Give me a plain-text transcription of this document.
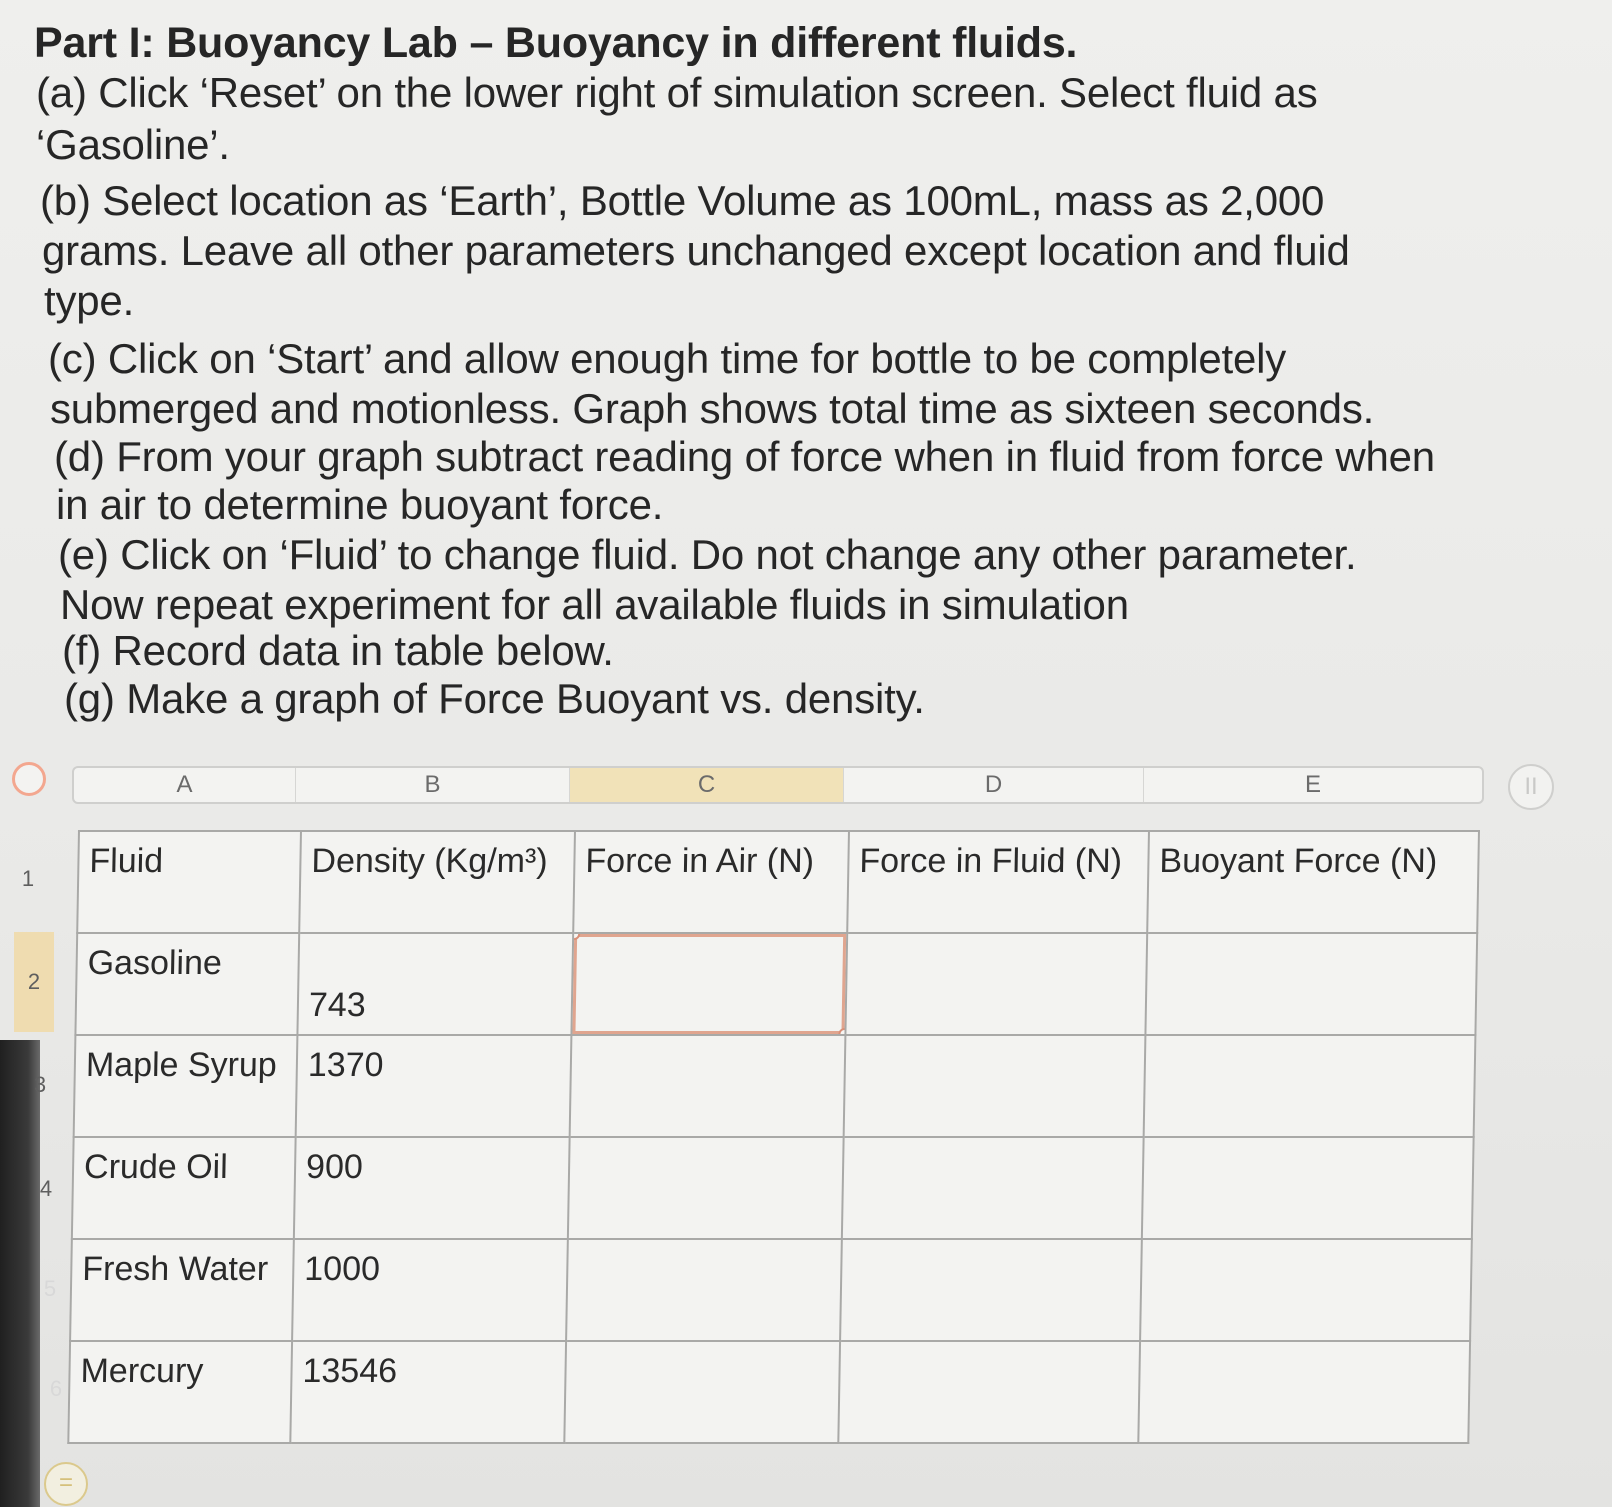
Part I: Buoyancy Lab – Buoyancy in different fluids.
(a) Click ‘Reset’ on the lower right of simulation screen. Select fluid as
‘Gasoline’.
(b) Select location as ‘Earth’, Bottle Volume as 100mL, mass as 2,000
grams. Leave all other parameters unchanged except location and fluid
type.
(c) Click on ‘Start’ and allow enough time for bottle to be completely
submerged and motionless. Graph shows total time as sixteen seconds.
(d) From your graph subtract reading of force when in fluid from force when
in air to determine buoyant force.
(e) Click on ‘Fluid’ to change fluid. Do not change any other parameter.
Now repeat experiment for all available fluids in simulation
(f) Record data in table below.
(g) Make a graph of Force Buoyant vs. density.
A	B	C	D	E	II
1
2
3
4
5
6
Fluid	Density (Kg/m³)	Force in Air (N)	Force in Fluid (N)	Buoyant Force (N)
Gasoline	743	

Maple Syrup	1370			
Crude Oil	900			
Fresh Water	1000			
Mercury	13546			
=
